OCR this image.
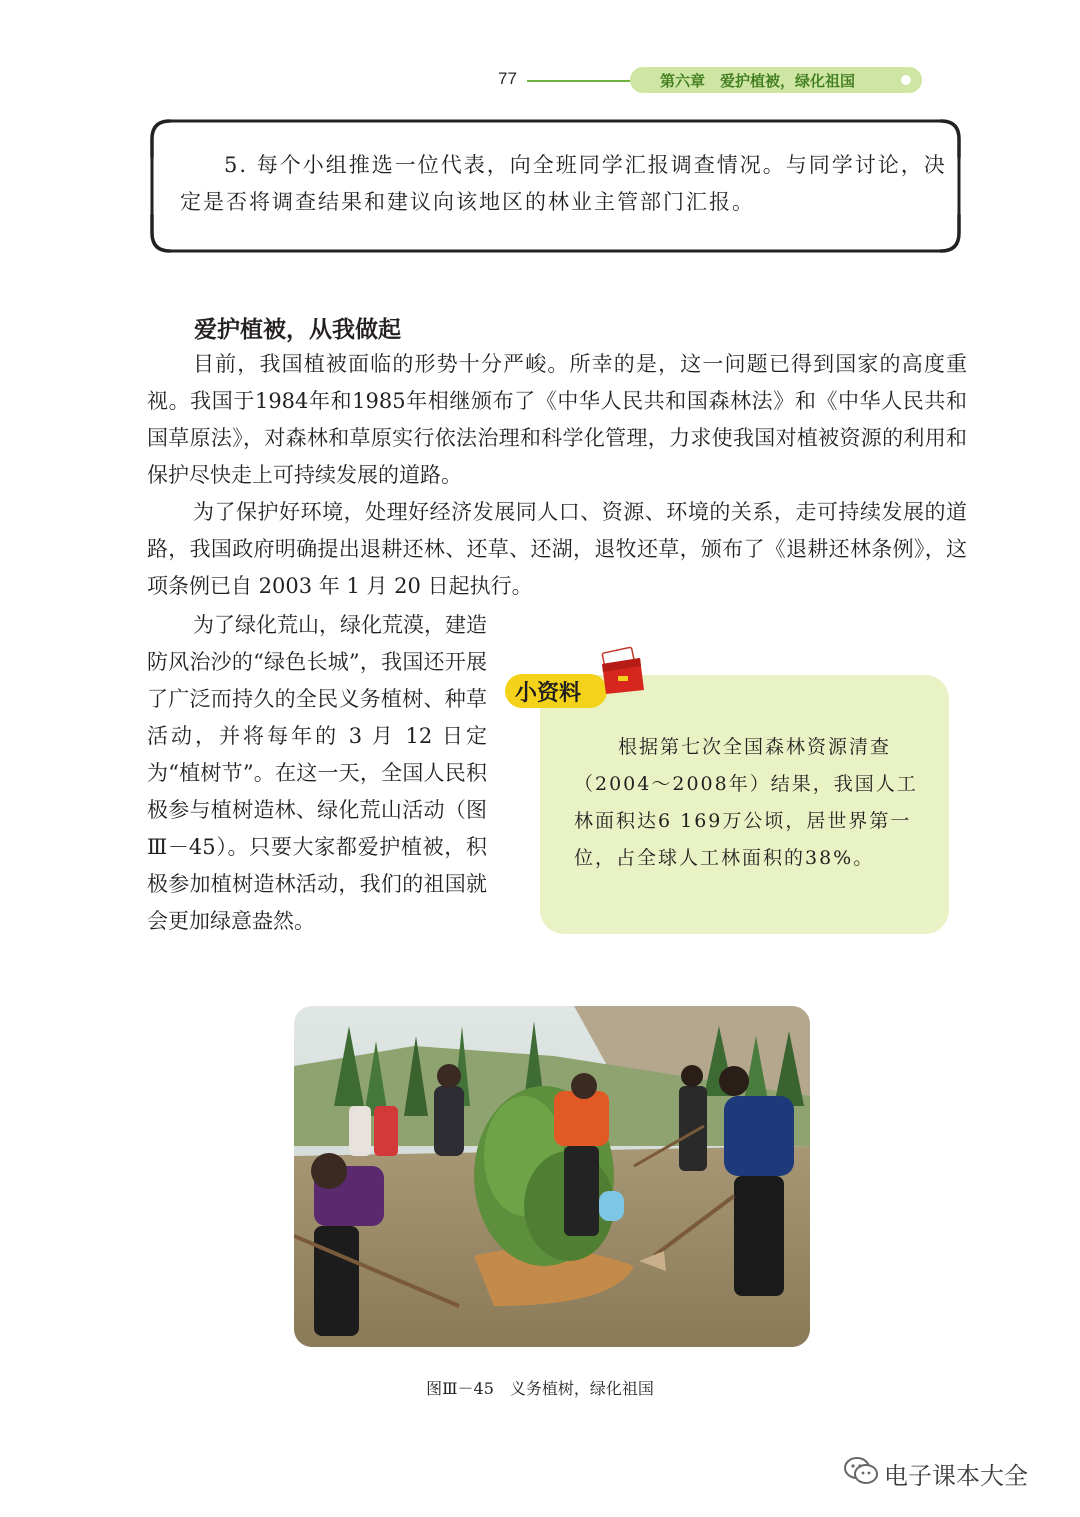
77	第六章　爱护植被，绿化祖国

5. 每个小组推选一位代表，向全班同学汇报调查情况。与同学讨论，决定是否将调查结果和建议向该地区的林业主管部门汇报。

爱护植被，从我做起

目前，我国植被面临的形势十分严峻。所幸的是，这一问题已得到国家的高度重视。我国于1984年和1985年相继颁布了《中华人民共和国森林法》和《中华人民共和国草原法》，对森林和草原实行依法治理和科学化管理，力求使我国对植被资源的利用和保护尽快走上可持续发展的道路。

为了保护好环境，处理好经济发展同人口、资源、环境的关系，走可持续发展的道路，我国政府明确提出退耕还林、还草、还湖，退牧还草，颁布了《退耕还林条例》，这项条例已自 2003 年 1 月 20 日起执行。

为了绿化荒山，绿化荒漠，建造防风治沙的“绿色长城”，我国还开展了广泛而持久的全民义务植树、种草活动，并将每年的 3 月 12 日定为“植树节”。在这一天，全国人民积极参与植树造林、绿化荒山活动（图Ⅲ－45）。只要大家都爱护植被，积极参加植树造林活动，我们的祖国就会更加绿意盎然。

小资料

根据第七次全国森林资源清查（2004～2008年）结果，我国人工林面积达6 169万公顷，居世界第一位，占全球人工林面积的38%。

图Ⅲ－45　义务植树，绿化祖国
电子课本大全
